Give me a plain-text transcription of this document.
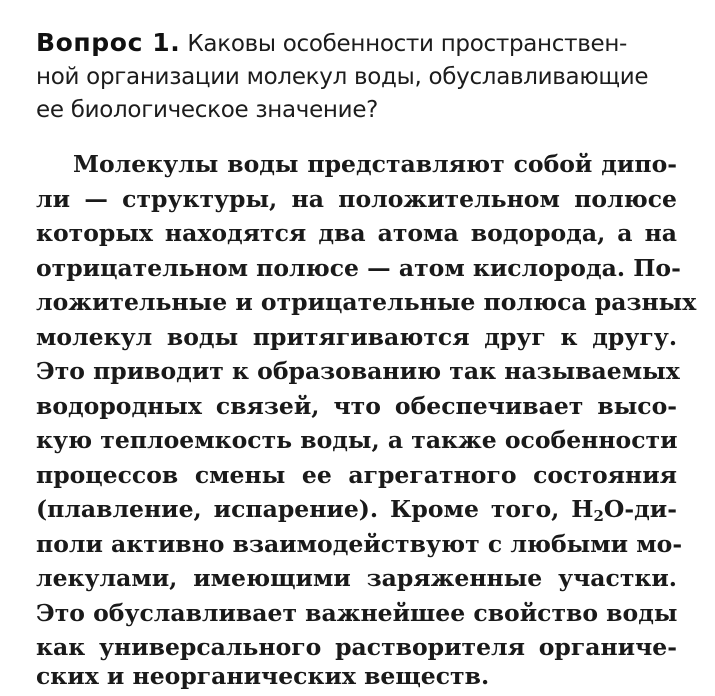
Вопрос 1. Каковы особенности пространствен-

ной организации молекул воды, обуславливающие

ее биологическое значение?

Молекулы воды представляют собой дипо-

ли — структуры, на положительном полюсе

которых находятся два атома водорода, а на

отрицательном полюсе — атом кислорода. По-

ложительные и отрицательные полюса разных

молекул воды притягиваются друг к другу.

Это приводит к образованию так называемых

водородных связей, что обеспечивает высо-

кую теплоемкость воды, а также особенности

процессов смены ее агрегатного состояния

(плавление, испарение). Кроме того, $H_2О-ди-$

поли активно взаимодействуют с любыми мо-

лекулами, имеющими заряженные участки.

Это обуславливает важнейшее свойство воды

как универсального растворителя органиче-

ских и неорганических веществ.
